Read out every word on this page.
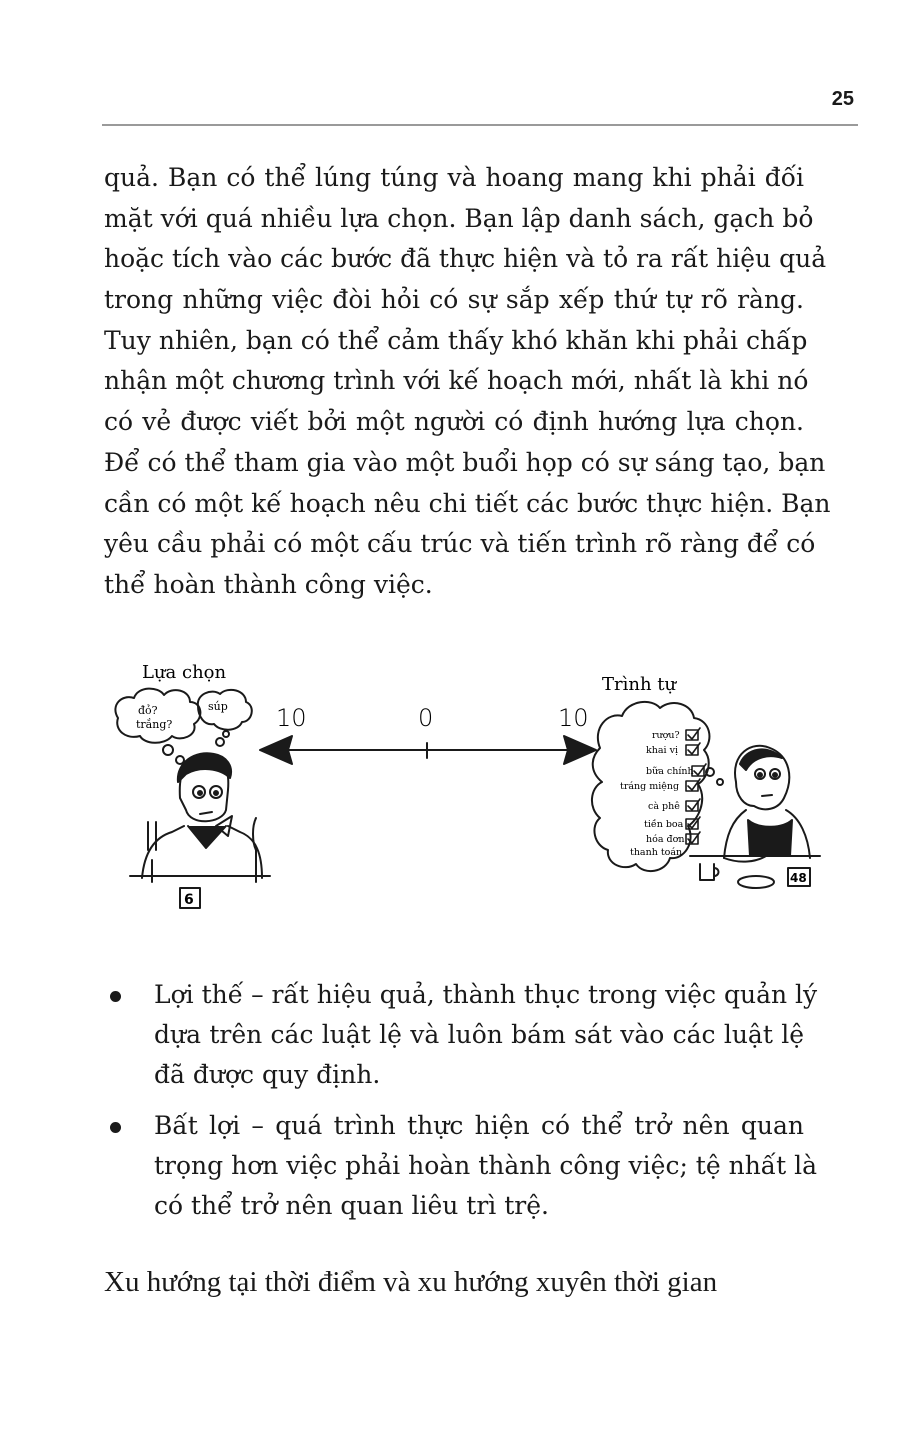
25

quả. Bạn có thể lúng túng và hoang mang khi phải đối
mặt với quá nhiều lựa chọn. Bạn lập danh sách, gạch bỏ
hoặc tích vào các bước đã thực hiện và tỏ ra rất hiệu quả
trong những việc đòi hỏi có sự sắp xếp thứ tự rõ ràng.
Tuy nhiên, bạn có thể cảm thấy khó khăn khi phải chấp
nhận một chương trình với kế hoạch mới, nhất là khi nó
có vẻ được viết bởi một người có định hướng lựa chọn.
Để có thể tham gia vào một buổi họp có sự sáng tạo, bạn
cần có một kế hoạch nêu chi tiết các bước thực hiện. Bạn
yêu cầu phải có một cấu trúc và tiến trình rõ ràng để có
thể hoàn thành công việc.

Lựa chọn
Trình tự
10	0	10
đỏ?
trắng?
súp
rượu?
khai vị
bữa chính
tráng miệng
cà phê
tiền boa
hóa đơn
thanh toán
6
48
Lợi thế – rất hiệu quả, thành thục trong việc quản lý
dựa trên các luật lệ và luôn bám sát vào các luật lệ
đã được quy định.
Bất lợi – quá trình thực hiện có thể trở nên quan
trọng hơn việc phải hoàn thành công việc; tệ nhất là
có thể trở nên quan liêu trì trệ.
Xu hướng tại thời điểm và xu hướng xuyên thời gian
